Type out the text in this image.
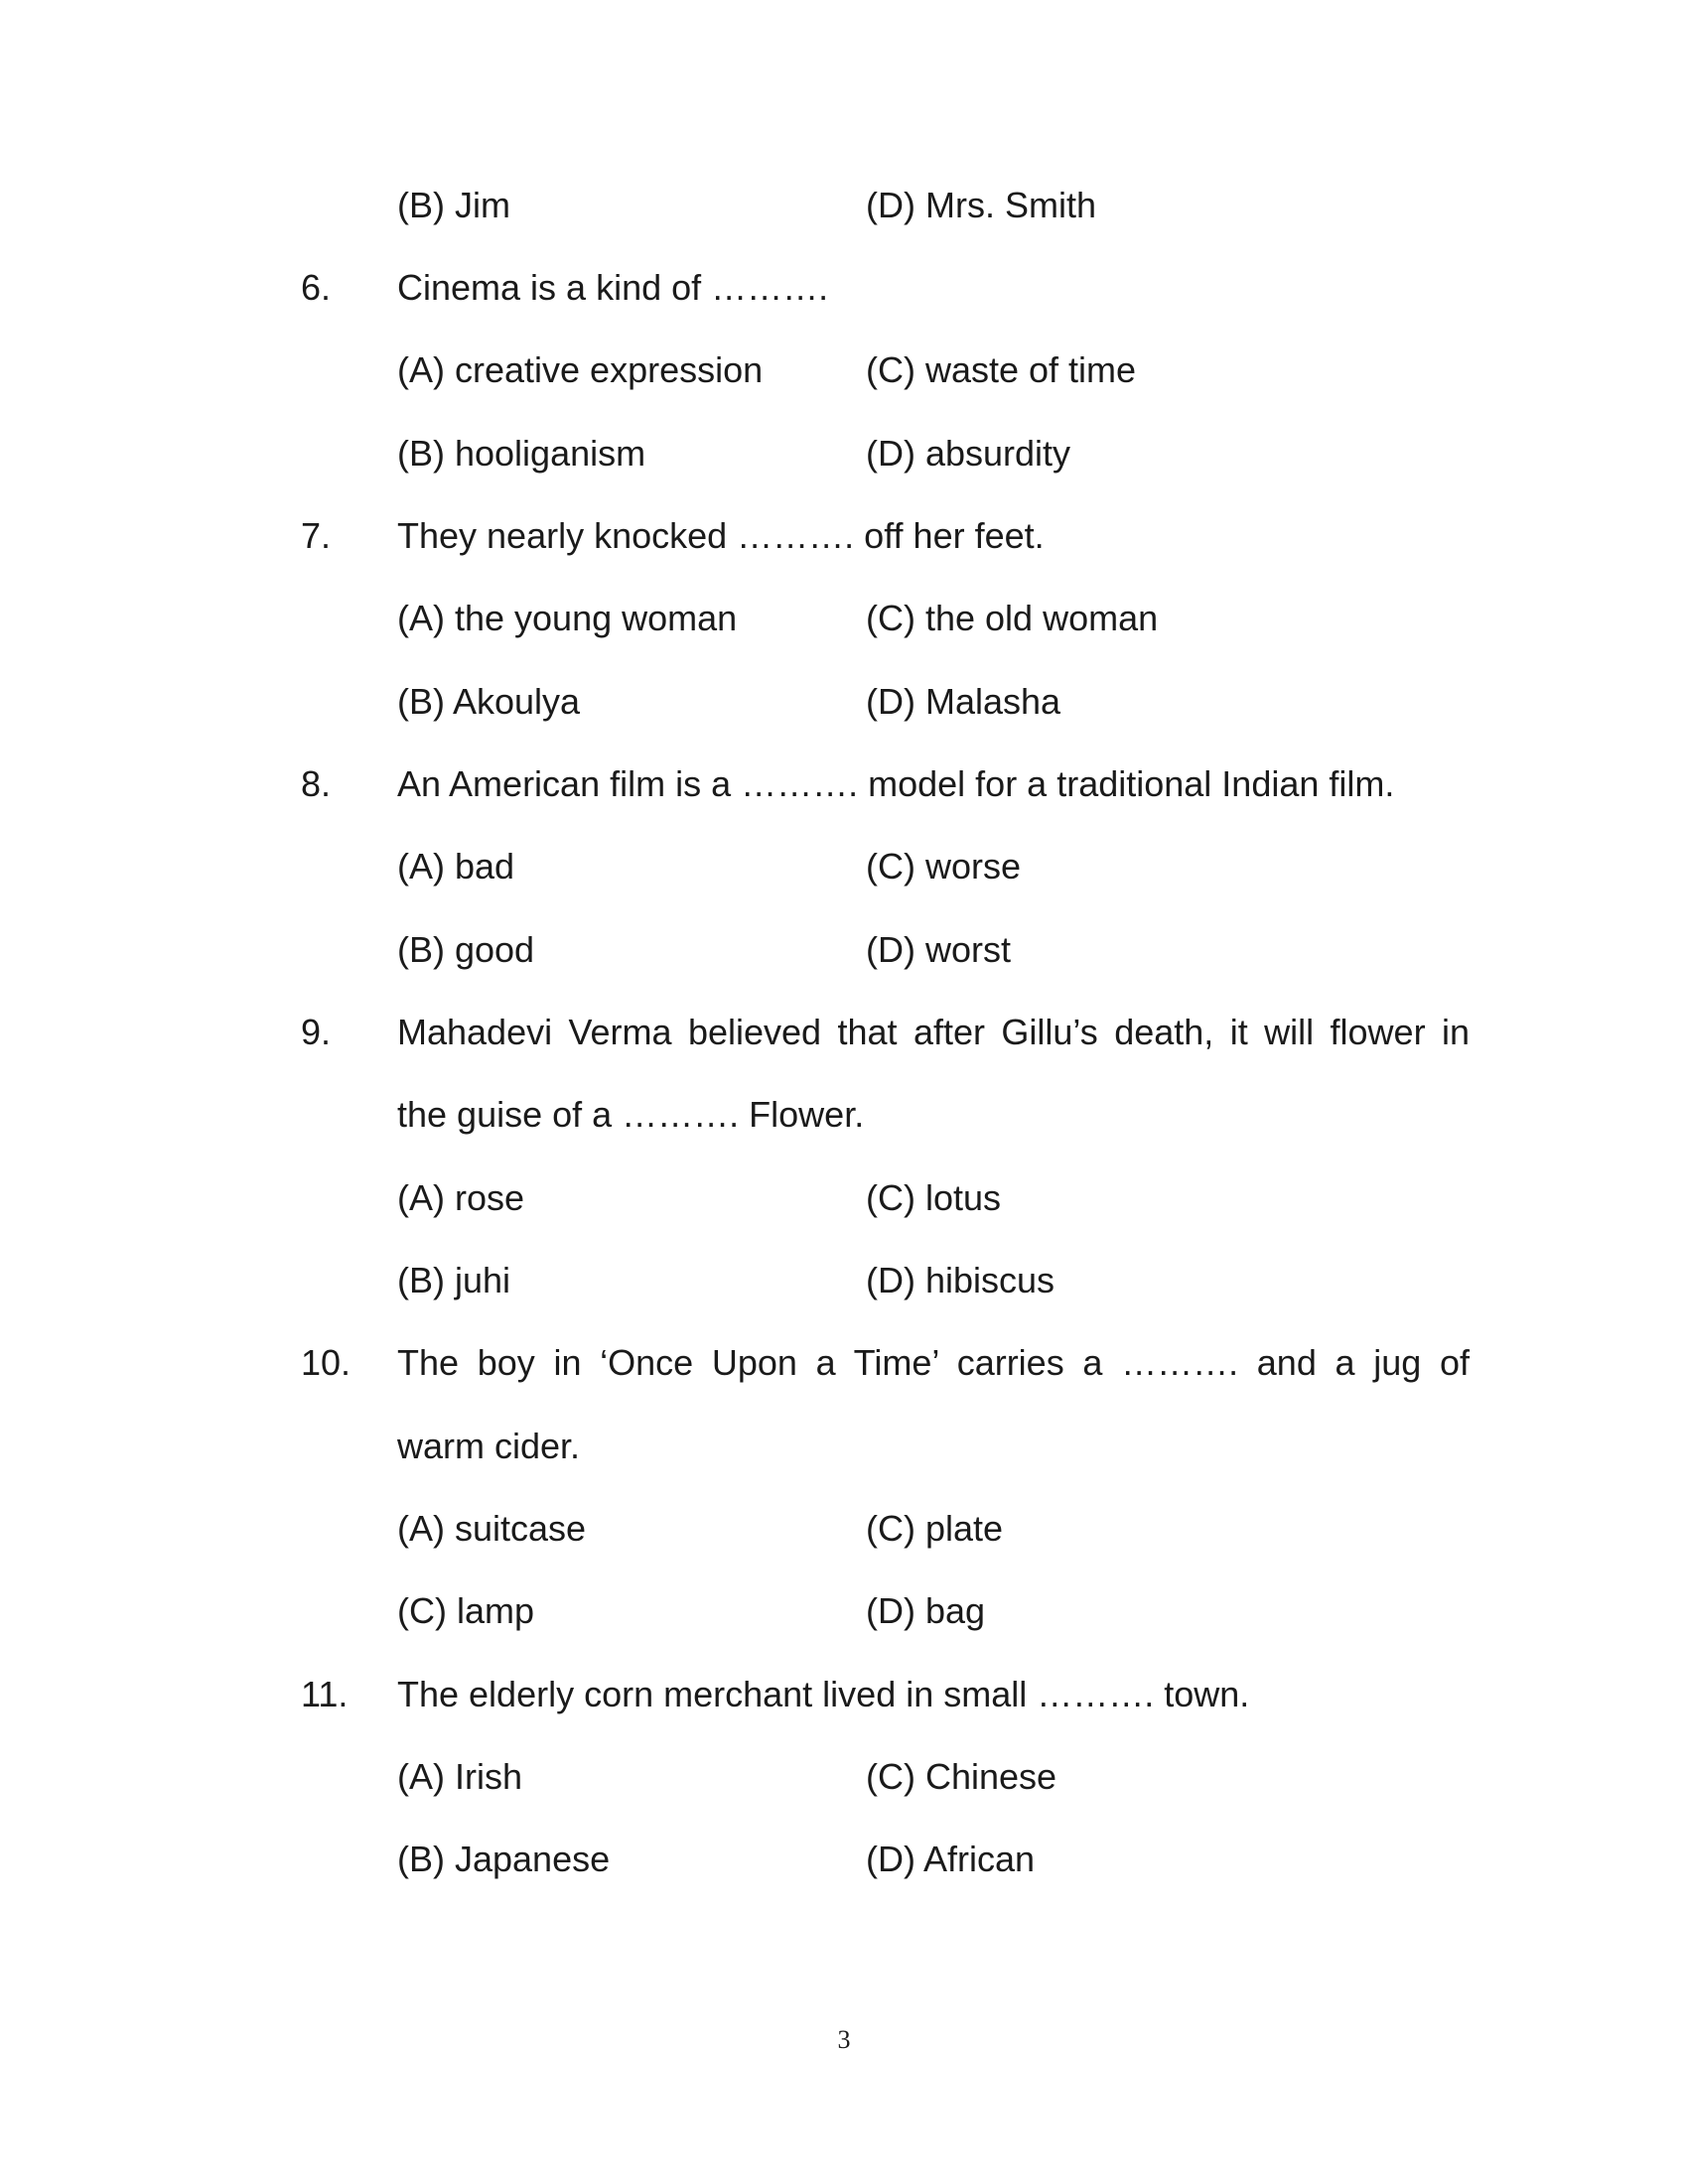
(B) Jim	(D) Mrs. Smith
6.	Cinema is a kind of ……….
(A) creative expression	(C) waste of time
(B) hooliganism	(D) absurdity
7.	They nearly knocked ………. off her feet.
(A) the young woman	(C) the old woman
(B) Akoulya	(D) Malasha
8.	An American film is a ………. model for a traditional Indian film.
(A) bad	(C) worse
(B) good	(D) worst
9.	Mahadevi Verma believed that after Gillu’s death, it will flower in
the guise of a ………. Flower.
(A) rose	(C) lotus
(B) juhi	(D) hibiscus
10.	The boy in ‘Once Upon a Time’ carries a ………. and a jug of
warm cider.
(A) suitcase	(C) plate
(C) lamp	(D) bag
11.	The elderly corn merchant lived in small ………. town.
(A) Irish	(C) Chinese
(B) Japanese	(D) African
3
